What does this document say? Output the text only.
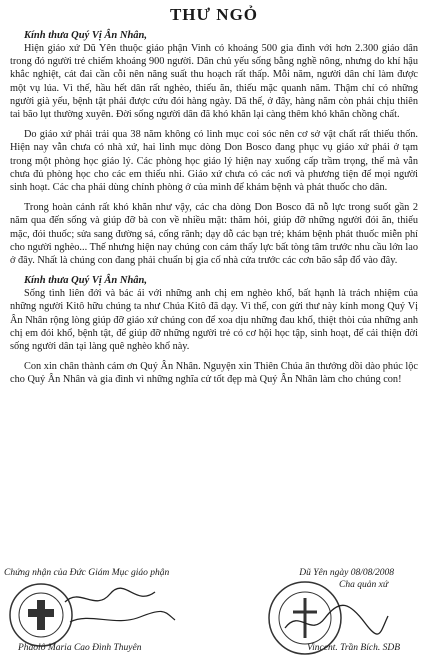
THƯ NGỎ
Kính thưa Quý Vị Ân Nhân,

Hiện giáo xứ Dũ Yên thuộc giáo phận Vinh có khoảng 500 gia đình với hơn 2.300 giáo dân trong đó người trẻ chiếm khoảng 900 người. Dân chủ yếu sống bằng nghề nông, nhưng do khí hậu khắc nghiệt, cát đai cần cỗi nên năng suất thu hoạch rất thấp. Mỗi năm, người dân chỉ làm được một vụ lúa. Vì thế, hầu hết dân rất nghèo, thiếu ăn, thiếu mặc quanh năm. Thậm chí có những người già yếu, bệnh tật phải được cứu đói hàng ngày. Dã thế, ở đây, hàng năm còn phải chịu thiên tai bão lụt thường xuyên. Đời sống người dân đã khó khăn lại càng thêm khó khăn chồng chất.

Do giáo xứ phải trải qua 38 năm không có linh mục coi sóc nên cơ sở vật chất rất thiếu thốn. Hiện nay vẫn chưa có nhà xứ, hai linh mục dòng Don Bosco đang phục vụ giáo xứ phải ở tạm trong một phòng học giáo lý. Các phòng học giáo lý hiện nay xuống cấp trầm trọng, thế mà vẫn chưa đủ phòng học cho các em thiếu nhi. Giáo xứ chưa có các nơi và phương tiện để mọi người sinh hoạt. Các cha phải dùng chính phòng ở của mình để khám bệnh và phát thuốc cho dân.

Trong hoàn cảnh rất khó khăn như vậy, các cha dòng Don Bosco đã nỗ lực trong suốt gần 2 năm qua đến sống và giúp đỡ bà con về nhiều mặt: thăm hỏi, giúp đỡ những người đói ăn, thiếu mặc, đói thuốc; sửa sang đường sá, cống rãnh; dạy dỗ các bạn trẻ; khám bệnh phát thuốc miễn phí cho người nghèo... Thế nhưng hiện nay chúng con cảm thấy lực bất tòng tâm trước nhu cầu lớn lao ở đây. Nhất là chúng con đang phải chuẩn bị gia cố nhà cửa trước các cơn bão sắp đổ vào đây.

Kính thưa Quý Vị Ân Nhân,

Sống tình liên đới và bác ái với những anh chị em nghèo khổ, bất hạnh là trách nhiệm của những người Kitô hữu chúng ta như Chúa Kitô đã dạy. Vì thế, con gửi thư này kính mong Quý Vị Ân Nhân rộng lòng giúp đỡ giáo xứ chúng con để xoa dịu những đau khổ, thiệt thòi của những anh chị em đói khổ, bệnh tật, để giúp đỡ những người trẻ có cơ hội học tập, sinh hoạt, để cải thiện đời sống người dân tại làng quê nghèo khổ này.

Con xin chân thành cám ơn Quý Ân Nhân. Nguyện xin Thiên Chúa ân thưởng dồi dào phúc lộc cho Quý Ân Nhân và gia đình vì những nghĩa cử tốt đẹp mà Quý Ân Nhân làm cho chúng con!

Chứng nhận của Đức Giám Mục giáo phận	Dũ Yên ngày 08/08/2008
Cha quản xứ
Phaolô Maria Cao Đình Thuyên	Vincent. Trần Bích. SDB
